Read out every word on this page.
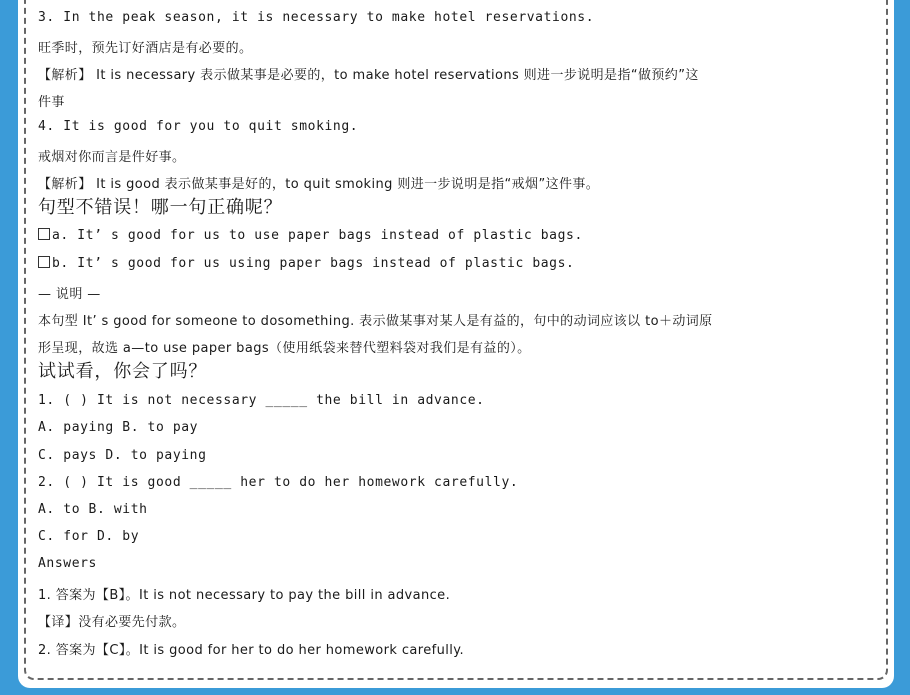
3. In the peak season, it is necessary to make hotel reservations.
旺季时，预先订好酒店是有必要的。
【解析】 It is necessary 表示做某事是必要的，to make hotel reservations 则进一步说明是指“做预约”这
件事
4. It is good for you to quit smoking.
戒烟对你而言是件好事。
【解析】 It is good 表示做某事是好的，to quit smoking 则进一步说明是指“戒烟”这件事。
句型不错误！哪一句正确呢？
a. It’ s good for us to use paper bags instead of plastic bags.
b. It’ s good for us using paper bags instead of plastic bags.
— 说明 —
本句型 It’ s good for someone to dosomething. 表示做某事对某人是有益的，句中的动词应该以 to＋动词原
形呈现，故选 a—to use paper bags（使用纸袋来替代塑料袋对我们是有益的）。
试试看，你会了吗？
1. ( ) It is not necessary _____ the bill in advance.
A. paying B. to pay
C. pays D. to paying
2. ( ) It is good _____ her to do her homework carefully.
A. to B. with
C. for D. by
Answers
1. 答案为【B】。It is not necessary to pay the bill in advance.
【译】没有必要先付款。
2. 答案为【C】。It is good for her to do her homework carefully.
